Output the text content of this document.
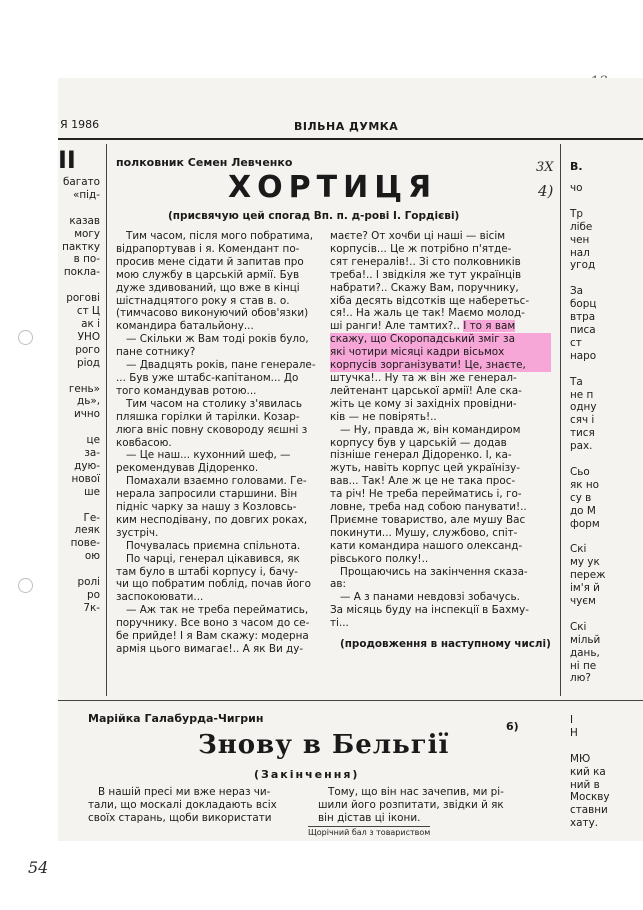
54
Я 1986	ВІЛЬНА ДУМКА
ІІ
багато
«під-

казав
могу
пактку
в по-
покла-

рогові
ст Ц
ак і
УНО
рого
ріод

гень»
дь»,
ично

це
за-
дую-
нової
ше

Ге-
леяк
пове-
ою

ролі
ро
7к-
полковник Семен Левченко
ХОРТИЦЯ
(присвячую цей спогад Вп. п. д-рові І. Гордієві)
3Х
4)
Тим часом, після мого побратима,
відрапортував і я. Комендант по-
просив мене сідати й запитав про
мою службу в царській армії. Був
дуже здивований, що вже в кінці
шістнадцятого року я став в. о.
(тимчасово виконуючий обов'язки)
командира батальйону...
— Скільки ж Вам тоді років було,
пане сотнику?
— Двадцять років, пане генерале-
... Був уже штабс-капітаном... До
того командував ротою...
Тим часом на столику з'явилась
пляшка горілки й тарілки. Козар-
люга вніс повну сковороду яєшні з
ковбасою.
— Це наш... кухонний шеф, —
рекомендував Дідоренко.
Помахали взаємно головами. Ге-
нерала запросили старшини. Він
підніс чарку за нашу з Козловсь-
ким несподівану, по довгих роках,
зустріч.
Почувалась приємна спільнота.
По чарці, генерал цікавився, як
там було в штабі корпусу і, бачу-
чи що побратим поблід, почав його
заспокоювати...
— Аж так не треба перейматись,
поручнику. Все воно з часом до се-
бе прийде! І я Вам скажу: модерна
армія цього вимагає!.. А як Ви ду-
маєте? От хочби ці наші — вісім
корпусів... Це ж потрібно п'ятде-
сят генералів!.. Зі сто полковників
треба!.. І звідкіля же тут українців
набрати?.. Скажу Вам, поручнику,
хіба десять відсотків ще наберетьс-
ся!.. На жаль це так! Маємо молод-
ші ранги! Але тамтих?.. І то я вам
скажу, що Скоропадський зміг за
які чотири місяці кадри вісьмох
корпусів зорганізувати! Це, знаєте,
штучка!.. Ну та ж він же генерал-
лейтенант царської армії! Але ска-
жіть це кому зі західніх провідни-
ків — не повірять!..
— Ну, правда ж, він командиром
корпусу був у царській — додав
пізніше генерал Дідоренко. І, ка-
жуть, навіть корпус цей українізу-
вав... Так! Але ж це не така прос-
та річ! Не треба перейматись і, го-
ловне, треба над собою панувати!..
Приємне товариство, але мушу Вас
покинути... Мушу, службово, спіт-
кати командира нашого олександ-
рівського полку!..
Прощаючись на закінчення сказа-
ав:
— А з панами невдовзі зобачусь.
За місяць буду на інспекції в Бахму-
ті...
(продовження в наступному числі)
В.
чо

Тр
лібе
чен
нал
угод

За
борц
втра
писа
ст
наро

Та
не п
одну
сяч і
тися
рах.

Сьо
як но
су в
до М
форм

Скі
му ук
переж
ім'я й
чуєм

Скі
мільй
дань,
ні пе
лю?
Марійка Галабурда-Чигрин
6)
Знову в Бельгії
(Закінчення)
В нашій пресі ми вже нераз чи-
тали, що москалі докладають всіх
своїх старань, щоби використати
Тому, що він нас зачепив, ми рі-
шили його розпитати, звідки й як
він дістав ці ікони.
І
Н

МЮ
кий ка
ний в
Москву
ставни
хату.
Щорічний бал з товариством
